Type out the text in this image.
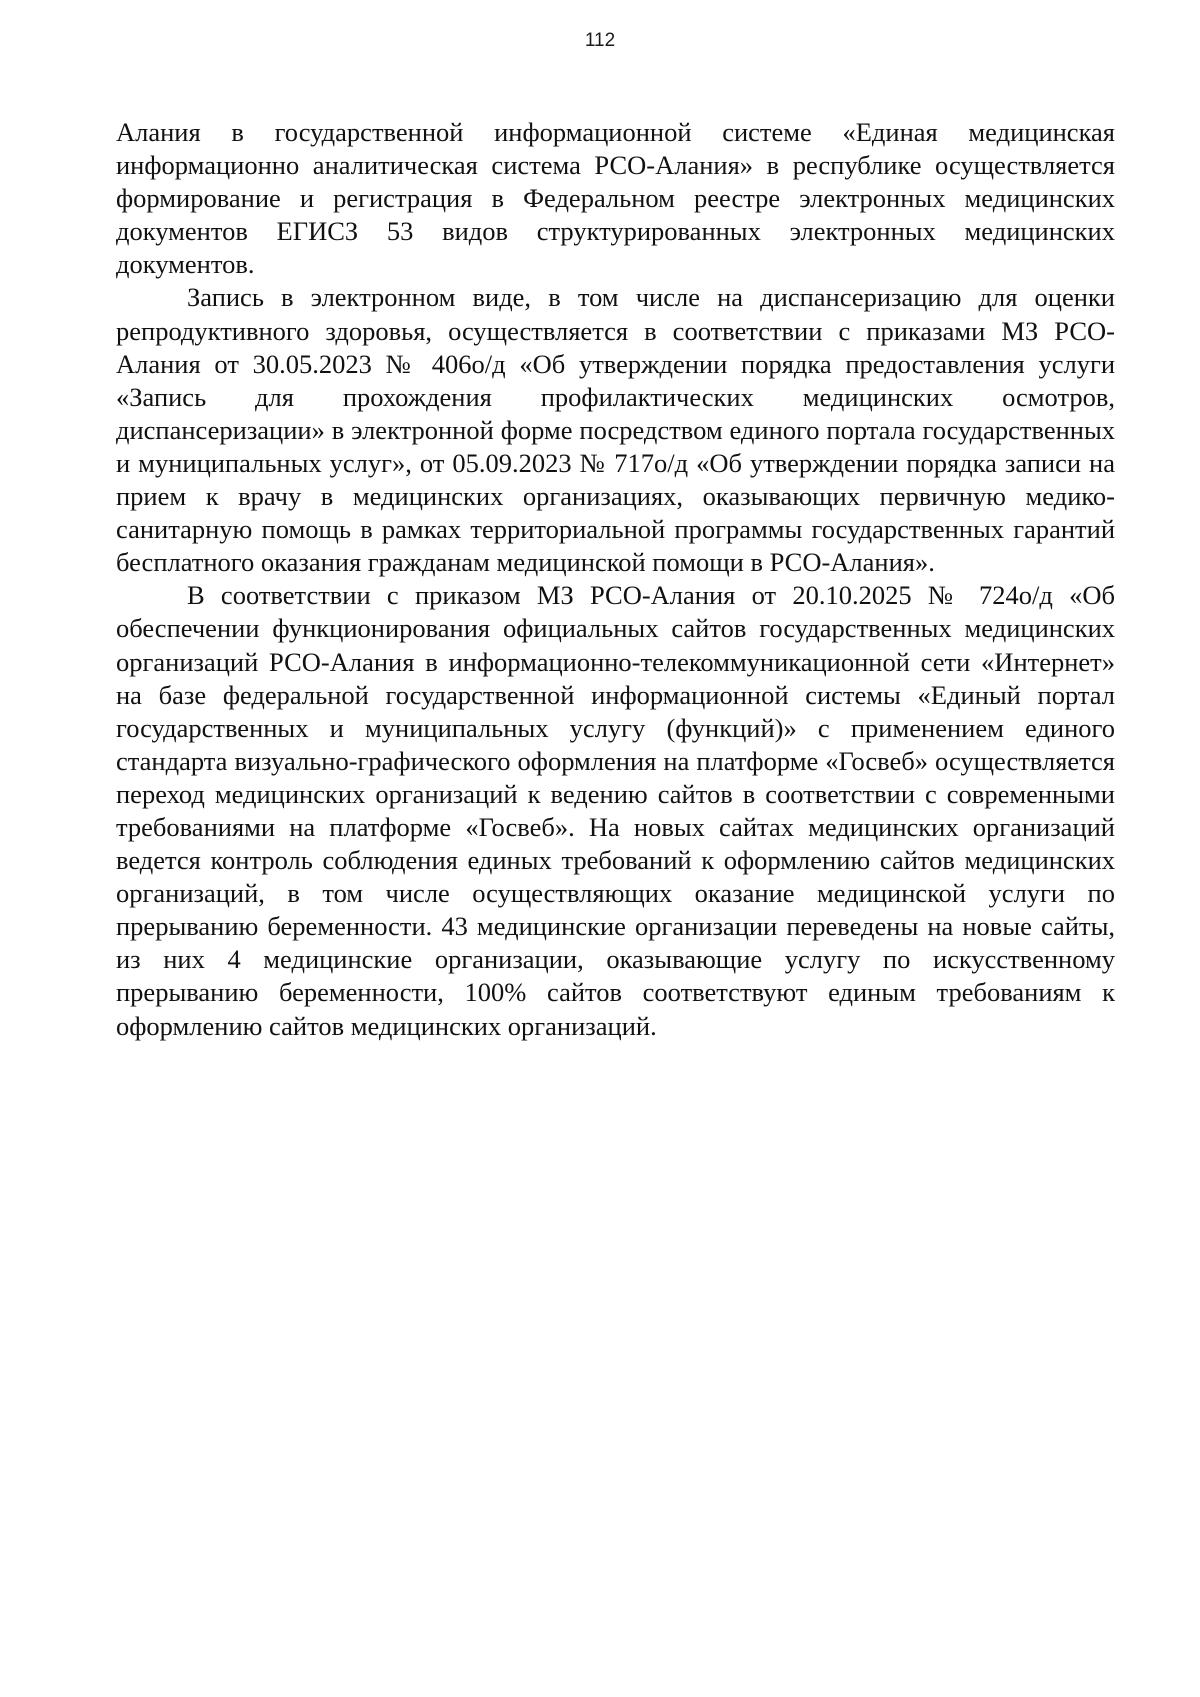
112

Алания в государственной информационной системе «Единая медицинская информационно аналитическая система РСО-Алания» в республике осуществляется формирование и регистрация в Федеральном реестре электронных медицинских документов ЕГИСЗ 53 видов структурированных электронных медицинских документов.

Запись в электронном виде, в том числе на диспансеризацию для оценки репродуктивного здоровья, осуществляется в соответствии с приказами МЗ РСО-Алания от 30.05.2023 № 406о/д «Об утверждении порядка предоставления услуги «Запись для прохождения профилактических медицинских осмотров, диспансеризации» в электронной форме посредством единого портала государственных и муниципальных услуг», от 05.09.2023 № 717о/д «Об утверждении порядка записи на прием к врачу в медицинских организациях, оказывающих первичную медико-санитарную помощь в рамках территориальной программы государственных гарантий бесплатного оказания гражданам медицинской помощи в РСО-Алания».

В соответствии с приказом МЗ РСО-Алания от 20.10.2025 № 724о/д «Об обеспечении функционирования официальных сайтов государственных медицинских организаций РСО-Алания в информационно-телекоммуникационной сети «Интернет» на базе федеральной государственной информационной системы «Единый портал государственных и муниципальных услугу (функций)» с применением единого стандарта визуально-графического оформления на платформе «Госвеб» осуществляется переход медицинских организаций к ведению сайтов в соответствии с современными требованиями на платформе «Госвеб». На новых сайтах медицинских организаций ведется контроль соблюдения единых требований к оформлению сайтов медицинских организаций, в том числе осуществляющих оказание медицинской услуги по прерыванию беременности. 43 медицинские организации переведены на новые сайты, из них 4 медицинские организации, оказывающие услугу по искусственному прерыванию беременности, 100% сайтов соответствуют единым требованиям к оформлению сайтов медицинских организаций.
